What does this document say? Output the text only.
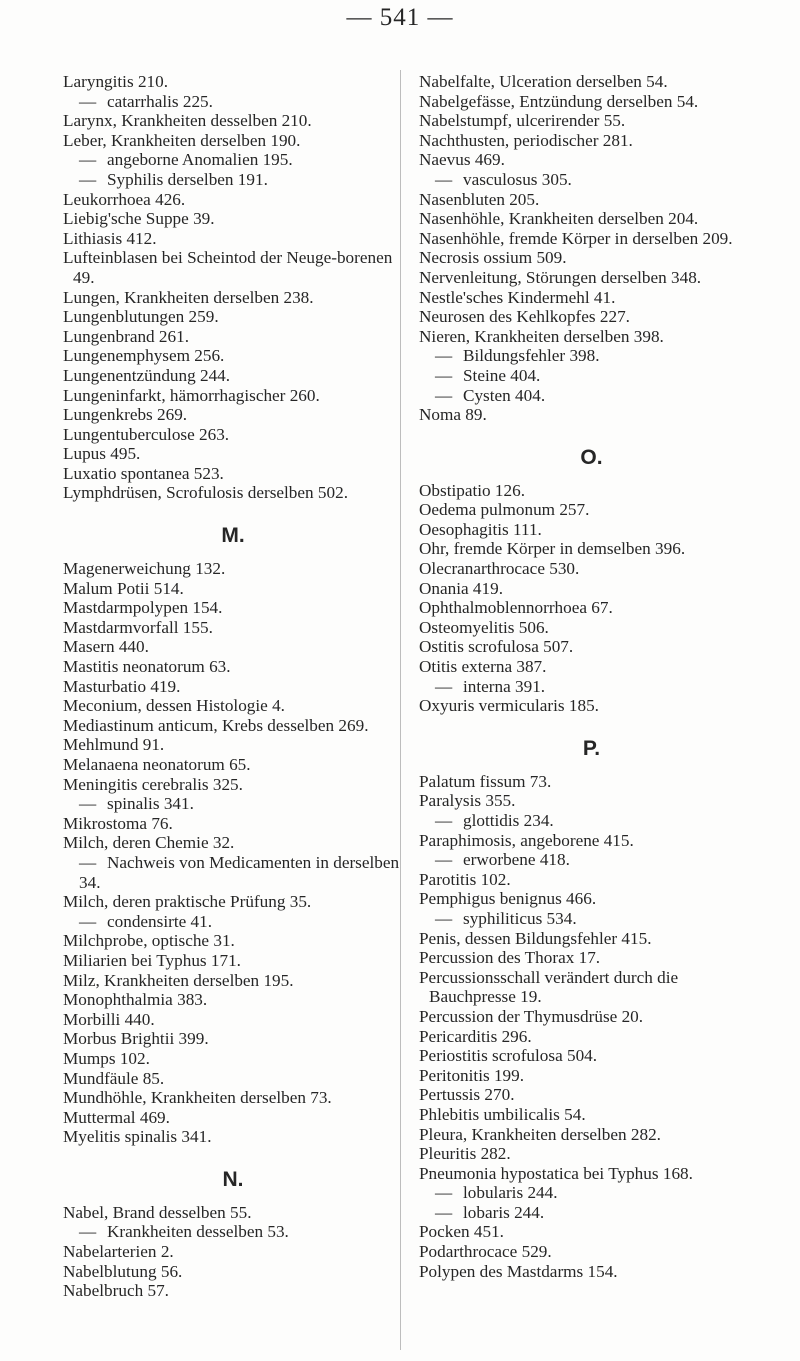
— 541 —
Laryngitis 210.
— catarrhalis 225.
Larynx, Krankheiten desselben 210.
Leber, Krankheiten derselben 190.
— angeborne Anomalien 195.
— Syphilis derselben 191.
Leukorrhoea 426.
Liebig'sche Suppe 39.
Lithiasis 412.
Lufteinblasen bei Scheintod der Neuge-borenen 49.
Lungen, Krankheiten derselben 238.
Lungenblutungen 259.
Lungenbrand 261.
Lungenemphysem 256.
Lungenentzündung 244.
Lungeninfarkt, hämorrhagischer 260.
Lungenkrebs 269.
Lungentuberculose 263.
Lupus 495.
Luxatio spontanea 523.
Lymphdrüsen, Scrofulosis derselben 502.
M.
Magenerweichung 132.
Malum Potii 514.
Mastdarmpolypen 154.
Mastdarmvorfall 155.
Masern 440.
Mastitis neonatorum 63.
Masturbatio 419.
Meconium, dessen Histologie 4.
Mediastinum anticum, Krebs desselben 269.
Mehlmund 91.
Melanaena neonatorum 65.
Meningitis cerebralis 325.
— spinalis 341.
Mikrostoma 76.
Milch, deren Chemie 32.
— Nachweis von Medicamenten in derselben 34.
Milch, deren praktische Prüfung 35.
— condensirte 41.
Milchprobe, optische 31.
Miliarien bei Typhus 171.
Milz, Krankheiten derselben 195.
Monophthalmia 383.
Morbilli 440.
Morbus Brightii 399.
Mumps 102.
Mundfäule 85.
Mundhöhle, Krankheiten derselben 73.
Muttermal 469.
Myelitis spinalis 341.
N.
Nabel, Brand desselben 55.
— Krankheiten desselben 53.
Nabelarterien 2.
Nabelblutung 56.
Nabelbruch 57.
Nabelfalte, Ulceration derselben 54.
Nabelgefässe, Entzündung derselben 54.
Nabelstumpf, ulcerirender 55.
Nachthusten, periodischer 281.
Naevus 469.
— vasculosus 305.
Nasenbluten 205.
Nasenhöhle, Krankheiten derselben 204.
Nasenhöhle, fremde Körper in derselben 209.
Necrosis ossium 509.
Nervenleitung, Störungen derselben 348.
Nestle'sches Kindermehl 41.
Neurosen des Kehlkopfes 227.
Nieren, Krankheiten derselben 398.
— Bildungsfehler 398.
— Steine 404.
— Cysten 404.
Noma 89.
O.
Obstipatio 126.
Oedema pulmonum 257.
Oesophagitis 111.
Ohr, fremde Körper in demselben 396.
Olecranarthrocace 530.
Onania 419.
Ophthalmoblennorrhoea 67.
Osteomyelitis 506.
Ostitis scrofulosa 507.
Otitis externa 387.
— interna 391.
Oxyuris vermicularis 185.
P.
Palatum fissum 73.
Paralysis 355.
— glottidis 234.
Paraphimosis, angeborene 415.
— erworbene 418.
Parotitis 102.
Pemphigus benignus 466.
— syphiliticus 534.
Penis, dessen Bildungsfehler 415.
Percussion des Thorax 17.
Percussionsschall verändert durch die Bauchpresse 19.
Percussion der Thymusdrüse 20.
Pericarditis 296.
Periostitis scrofulosa 504.
Peritonitis 199.
Pertussis 270.
Phlebitis umbilicalis 54.
Pleura, Krankheiten derselben 282.
Pleuritis 282.
Pneumonia hypostatica bei Typhus 168.
— lobularis 244.
— lobaris 244.
Pocken 451.
Podarthrocace 529.
Polypen des Mastdarms 154.
